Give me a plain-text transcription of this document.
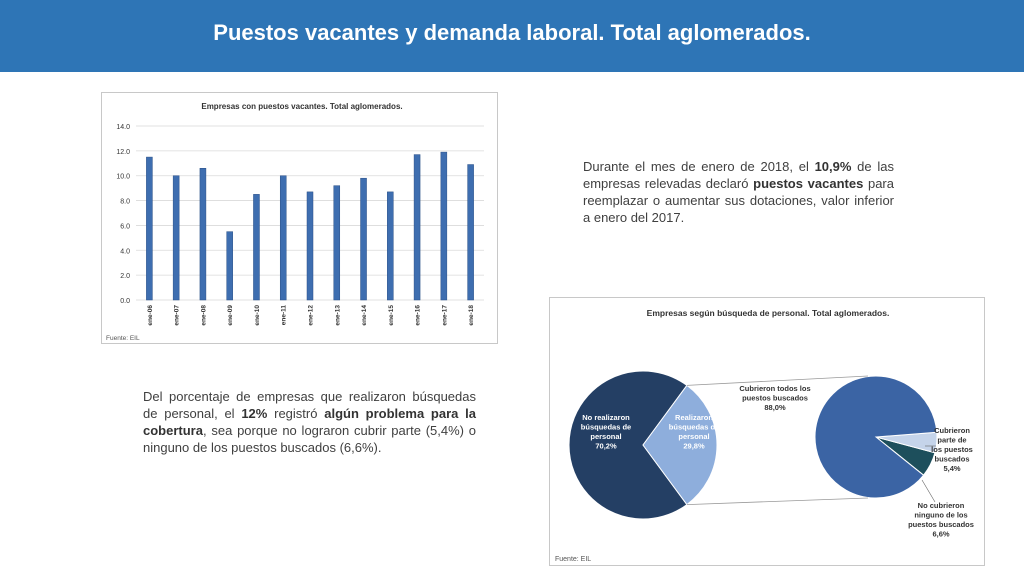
Puestos vacantes y demanda laboral. Total aglomerados.
Empresas con puestos vacantes. Total aglomerados.
0.0
2.0
4.0
6.0
8.0
10.0
12.0
14.0
ene-06	ene-07	ene-08	ene-09	ene-10	ene-11	ene-12	ene-13	ene-14	ene-15	ene-16	ene-17	ene-18
Fuente: EIL
Durante el mes de enero de 2018, el 10,9% de las empresas relevadas declaró puestos vacantes para reemplazar o aumentar sus dotaciones, valor inferior a enero del 2017.
Del porcentaje de empresas que realizaron búsquedas de personal, el 12% registró algún problema para la cobertura, sea porque no lograron cubrir parte (5,4%) o ninguno de los puestos buscados (6,6%).
Empresas según búsqueda de personal. Total aglomerados.
No realizaron búsquedas de personal 70,2%
Realizaron búsquedas de personal 29,8%
Cubrieron todos los puestos buscados 88,0%
Cubrieron parte de los puestos buscados 5,4%
No cubrieron ninguno de los puestos buscados 6,6%
Fuente: EIL
